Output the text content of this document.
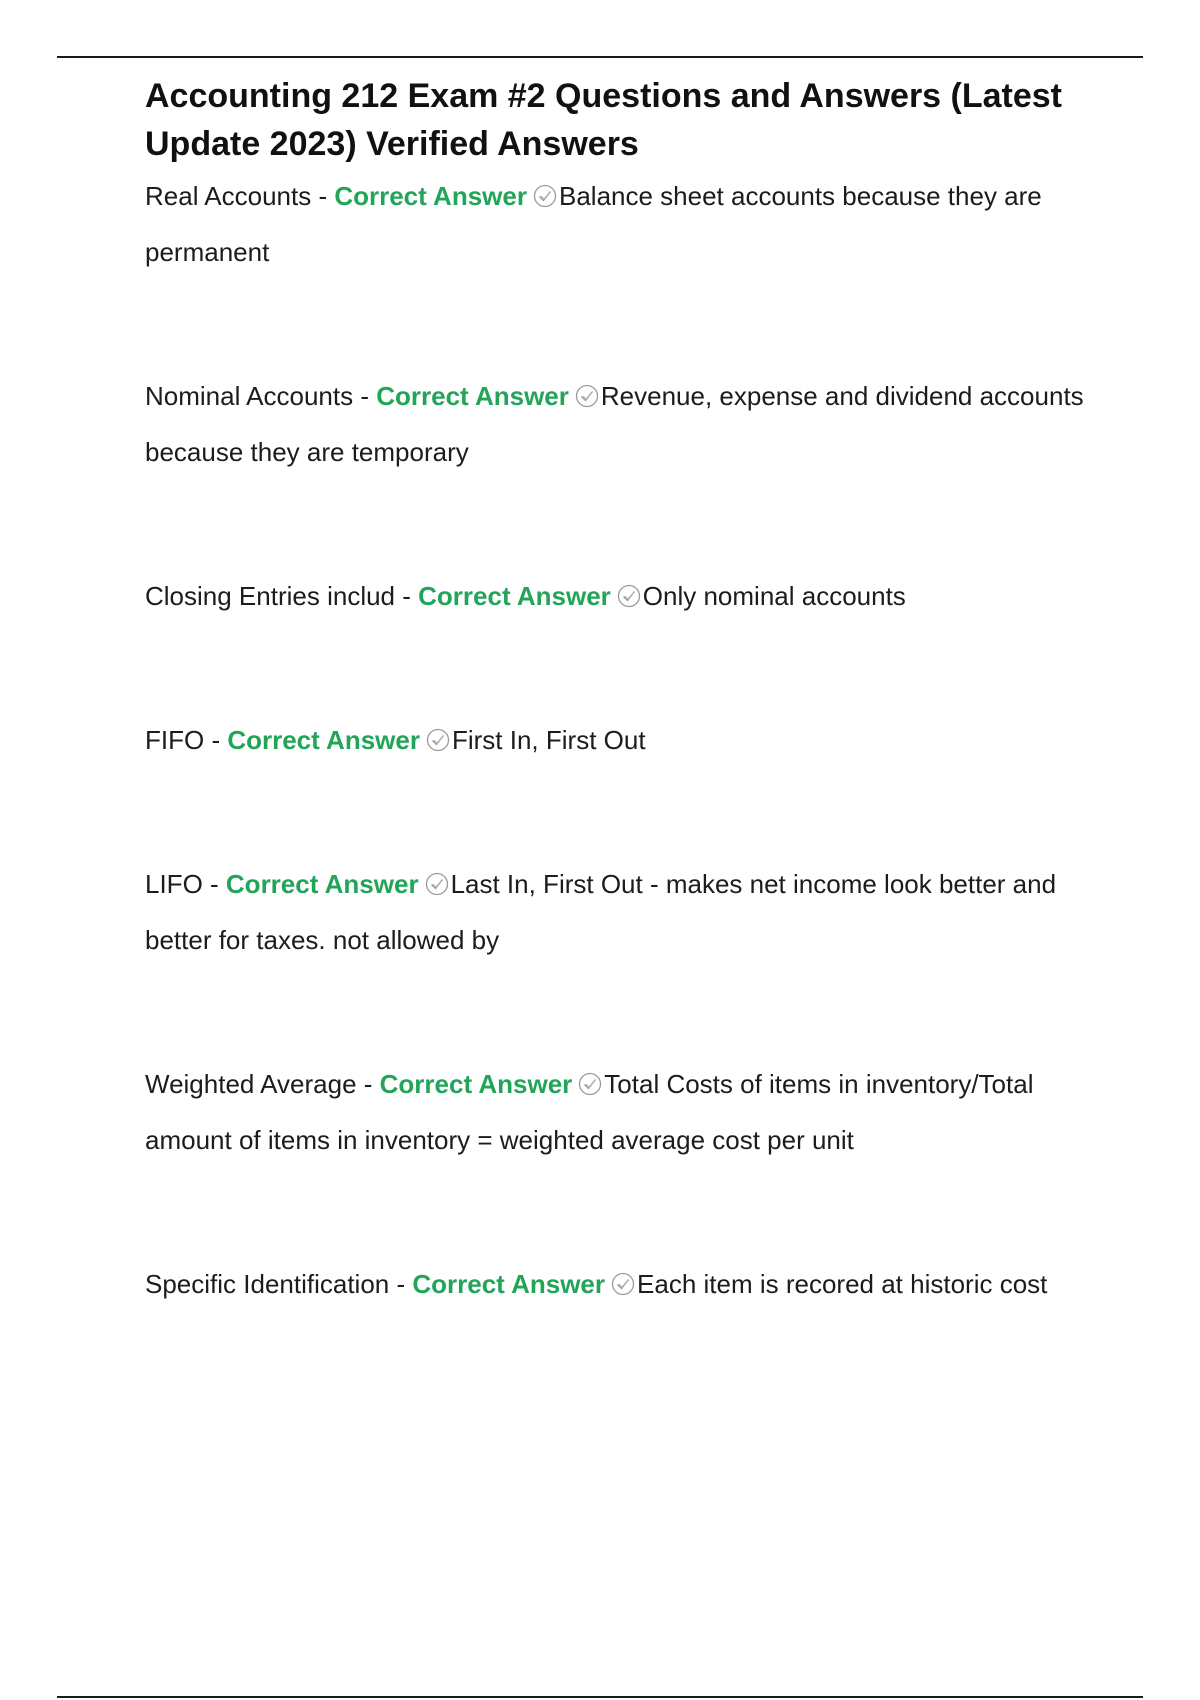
Accounting 212 Exam #2 Questions and Answers (Latest Update 2023) Verified Answers

Real Accounts - Correct Answer Balance sheet accounts because they are permanent

Nominal Accounts - Correct Answer Revenue, expense and dividend accounts because they are temporary

Closing Entries includ - Correct Answer Only nominal accounts

FIFO - Correct Answer First In, First Out

LIFO - Correct Answer Last In, First Out - makes net income look better and better for taxes. not allowed by

Weighted Average - Correct Answer Total Costs of items in inventory/Total amount of items in inventory = weighted average cost per unit

Specific Identification - Correct Answer Each item is recored at historic cost
